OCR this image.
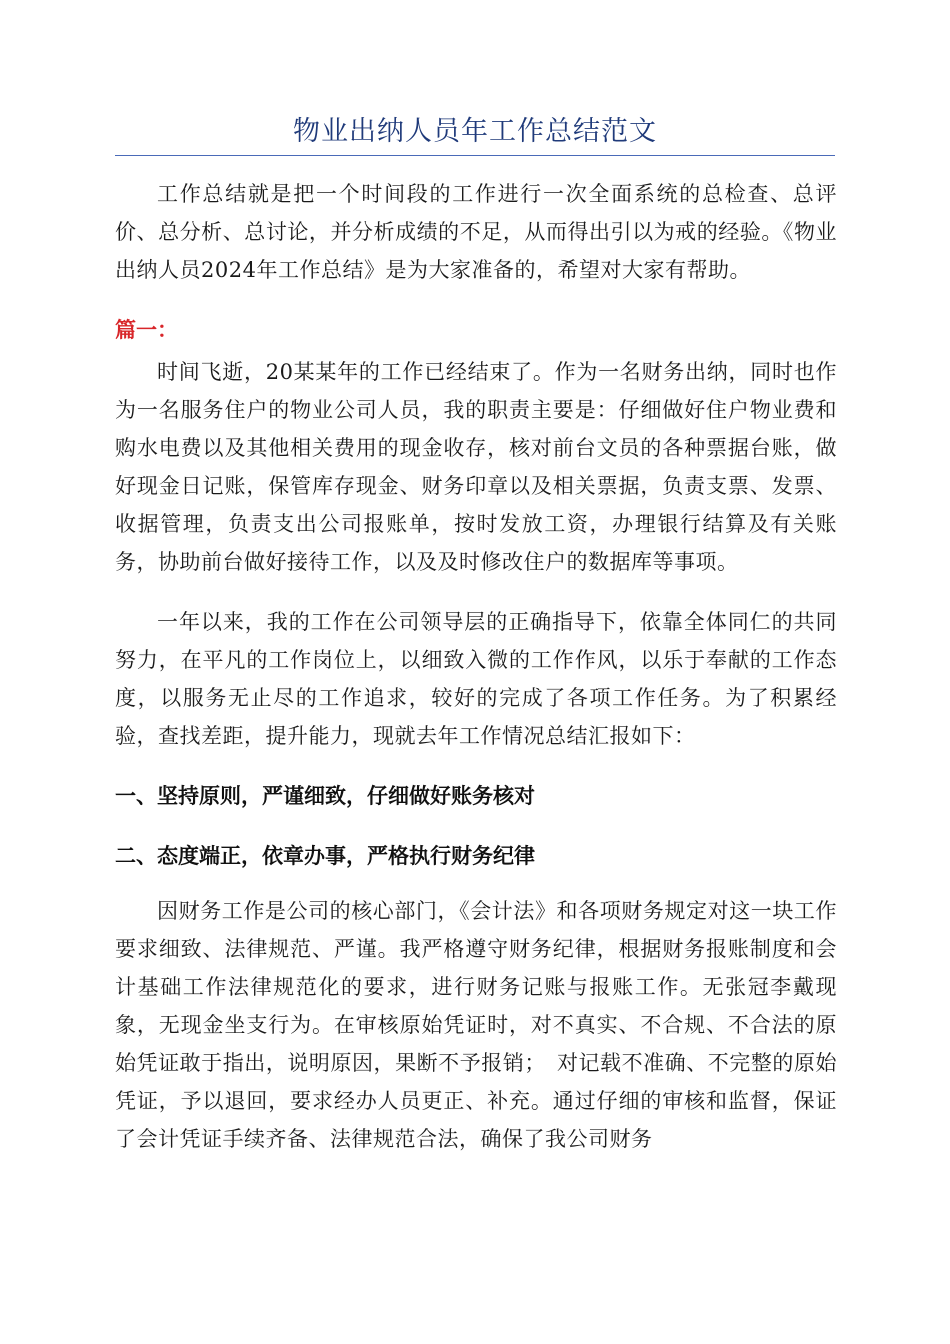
物业出纳人员年工作总结范文

工作总结就是把一个时间段的工作进行一次全面系统的总检查、总评价、总分析、总讨论，并分析成绩的不足，从而得出引以为戒的经验。《物业出纳人员2024年工作总结》是为大家准备的，希望对大家有帮助。

篇一：

时间飞逝，20某某年的工作已经结束了。作为一名财务出纳，同时也作为一名服务住户的物业公司人员，我的职责主要是：仔细做好住户物业费和购水电费以及其他相关费用的现金收存，核对前台文员的各种票据台账，做好现金日记账，保管库存现金、财务印章以及相关票据，负责支票、发票、收据管理，负责支出公司报账单，按时发放工资，办理银行结算及有关账务，协助前台做好接待工作，以及及时修改住户的数据库等事项。

一年以来，我的工作在公司领导层的正确指导下，依靠全体同仁的共同努力，在平凡的工作岗位上，以细致入微的工作作风，以乐于奉献的工作态度，以服务无止尽的工作追求，较好的完成了各项工作任务。为了积累经验，查找差距，提升能力，现就去年工作情况总结汇报如下：

一、坚持原则，严谨细致，仔细做好账务核对

二、态度端正，依章办事，严格执行财务纪律

因财务工作是公司的核心部门，《会计法》和各项财务规定对这一块工作要求细致、法律规范、严谨。我严格遵守财务纪律，根据财务报账制度和会计基础工作法律规范化的要求，进行财务记账与报账工作。无张冠李戴现象，无现金坐支行为。在审核原始凭证时，对不真实、不合规、不合法的原始凭证敢于指出，说明原因，果断不予报销；　对记载不准确、不完整的原始凭证，予以退回，要求经办人员更正、补充。通过仔细的审核和监督，保证了会计凭证手续齐备、法律规范合法，确保了我公司财务
